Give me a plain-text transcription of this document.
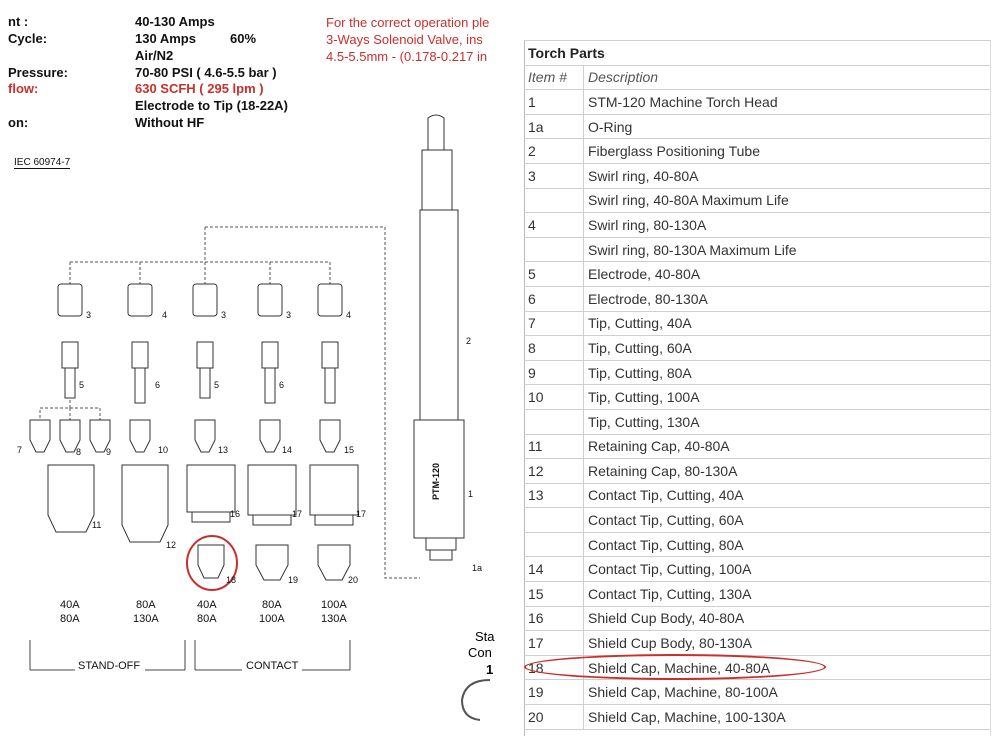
nt :	40-130 Amps
Cycle:	130 Amps	60%
Air/N2
Pressure:	70-80 PSI ( 4.6-5.5 bar )
flow:	630 SCFH ( 295 lpm )
Electrode to Tip (18-22A)
on:	Without HF
For the correct operation ple
3-Ways Solenoid Valve, ins
4.5-5.5mm - (0.178-0.217 in
IEC 60974-7
PTM-120	1
1a
2
3	3	3
4	4
5	5
6	6
7	8	9	10
11
12
13	14	15
16	17	17
18	19	20
40A
80A
80A
130A
40A
80A
80A
100A
100A
130A
STAND-OFF	CONTACT
Sta
Con
1
Torch Parts	
Item #	Description
1	STM-120 Machine Torch Head
1a	O-Ring
2	Fiberglass Positioning Tube
3	Swirl ring, 40-80A
	Swirl ring, 40-80A Maximum Life
4	Swirl ring, 80-130A
	Swirl ring, 80-130A Maximum Life
5	Electrode, 40-80A
6	Electrode, 80-130A
7	Tip, Cutting, 40A
8	Tip, Cutting, 60A
9	Tip, Cutting, 80A
10	Tip, Cutting, 100A
	Tip, Cutting, 130A
11	Retaining Cap, 40-80A
12	Retaining Cap, 80-130A
13	Contact Tip, Cutting, 40A
	Contact Tip, Cutting, 60A
	Contact Tip, Cutting, 80A
14	Contact Tip, Cutting, 100A
15	Contact Tip, Cutting, 130A
16	Shield Cup Body, 40-80A
17	Shield Cup Body, 80-130A
18	Shield Cap, Machine, 40-80A
19	Shield Cap, Machine, 80-100A
20	Shield Cap, Machine, 100-130A
